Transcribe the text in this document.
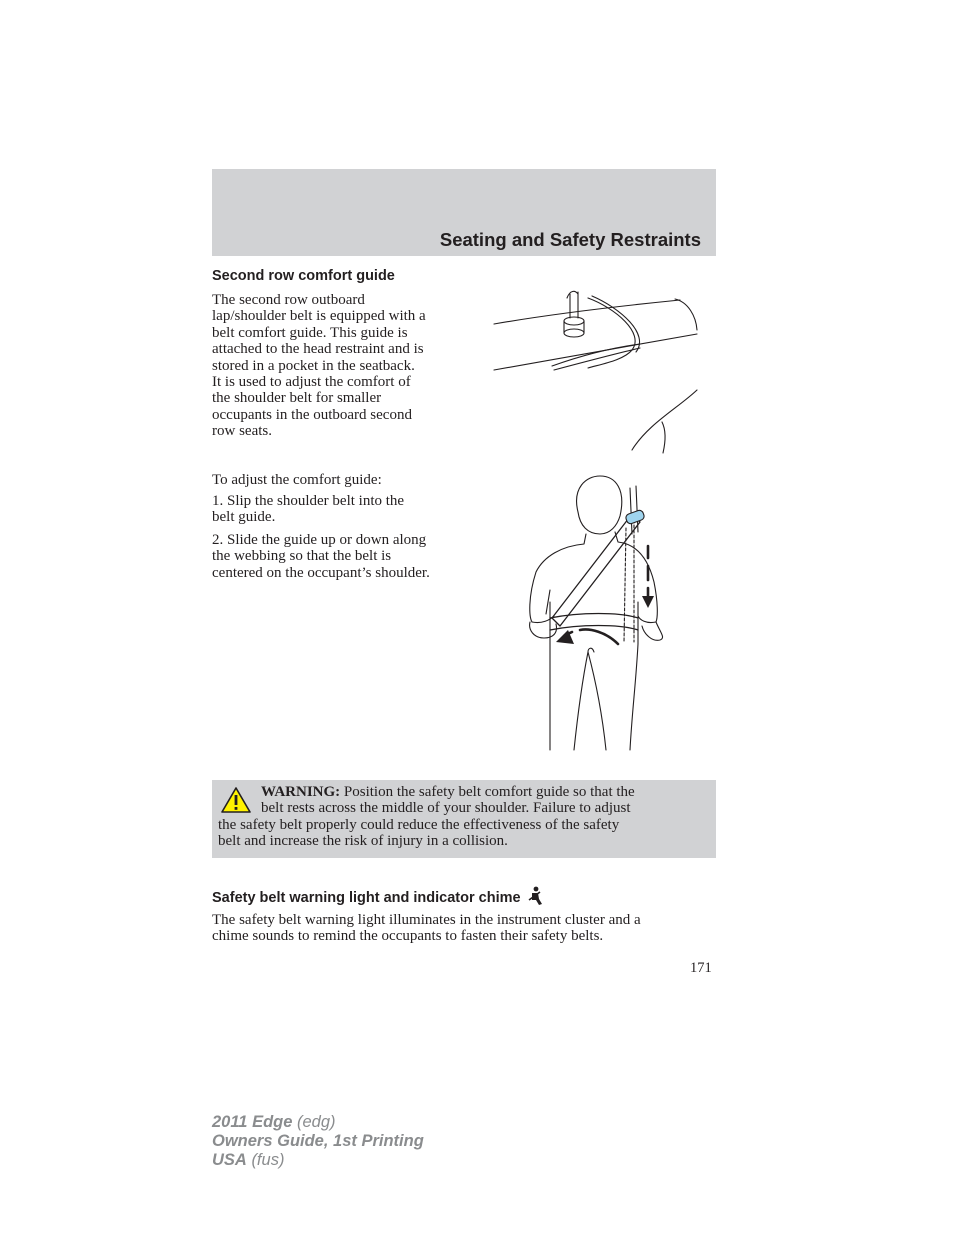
Seating and Safety Restraints
Second row comfort guide
The second row outboard
lap/shoulder belt is equipped with a
belt comfort guide. This guide is
attached to the head restraint and is
stored in a pocket in the seatback.
It is used to adjust the comfort of
the shoulder belt for smaller
occupants in the outboard second
row seats.
To adjust the comfort guide:
1. Slip the shoulder belt into the
belt guide.
2. Slide the guide up or down along
the webbing so that the belt is
centered on the occupant’s shoulder.
WARNING: Position the safety belt comfort guide so that the
belt rests across the middle of your shoulder. Failure to adjust
the safety belt properly could reduce the effectiveness of the safety
belt and increase the risk of injury in a collision.
Safety belt warning light and indicator chime
The safety belt warning light illuminates in the instrument cluster and a
chime sounds to remind the occupants to fasten their safety belts.
171
2011 Edge (edg)
Owners Guide, 1st Printing
USA (fus)
